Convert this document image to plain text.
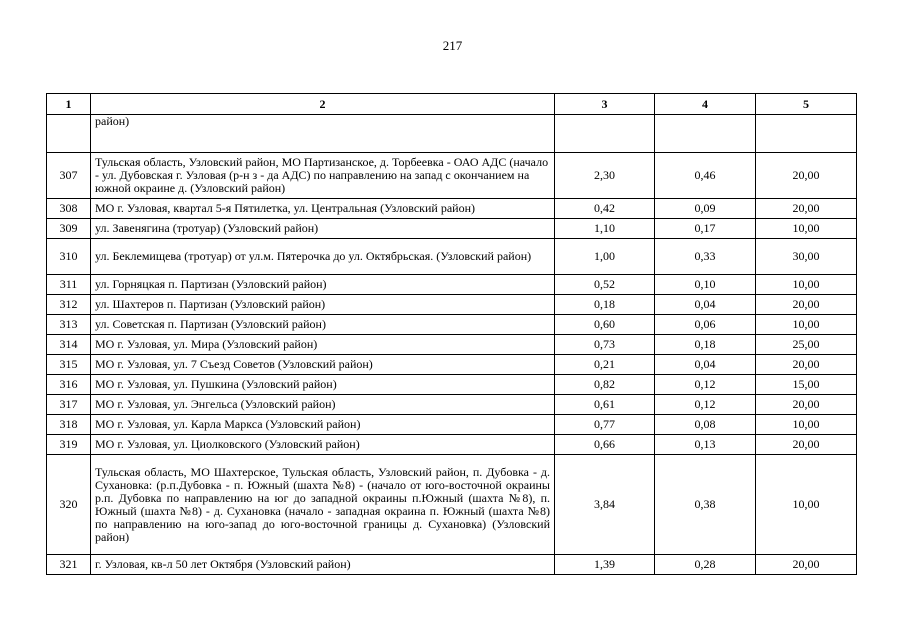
217
1	2	3	4	5
	район)			
307	Тульская область, Узловский район, МО Партизанское, д. Торбеевка - ОАО АДС (начало - ул. Дубовская г. Узловая (р-н з - да АДС) по направлению на запад с окончанием на южной окраине д. (Узловский район)	2,30	0,46	20,00
308	МО г. Узловая, квартал 5-я Пятилетка, ул. Центральная (Узловский район)	0,42	0,09	20,00
309	ул. Завенягина (тротуар) (Узловский район)	1,10	0,17	10,00
310	ул. Беклемищева (тротуар) от ул.м. Пятерочка до ул. Октябрьская. (Узловский район)	1,00	0,33	30,00
311	ул. Горняцкая п. Партизан (Узловский район)	0,52	0,10	10,00
312	ул. Шахтеров п. Партизан (Узловский район)	0,18	0,04	20,00
313	ул. Советская п. Партизан (Узловский район)	0,60	0,06	10,00
314	МО г. Узловая, ул. Мира (Узловский район)	0,73	0,18	25,00
315	МО г. Узловая, ул. 7 Съезд Советов (Узловский район)	0,21	0,04	20,00
316	МО г. Узловая, ул. Пушкина (Узловский район)	0,82	0,12	15,00
317	МО г. Узловая, ул. Энгельса (Узловский район)	0,61	0,12	20,00
318	МО г. Узловая, ул. Карла Маркса (Узловский район)	0,77	0,08	10,00
319	МО г. Узловая, ул. Циолковского (Узловский район)	0,66	0,13	20,00
320	Тульская область, МО Шахтерское, Тульская область, Узловский район, п. Дубовка - д. Сухановка: (р.п.Дубовка - п. Южный (шахта №8) - (начало от юго-восточной окраины р.п. Дубовка по направлению на юг до западной окраины п.Южный (шахта №8), п. Южный (шахта №8) - д. Сухановка (начало - западная окраина п. Южный (шахта №8) по направлению на юго-запад до юго-восточной границы д. Сухановка) (Узловский район)	3,84	0,38	10,00
321	г. Узловая, кв-л 50 лет Октября (Узловский район)	1,39	0,28	20,00
